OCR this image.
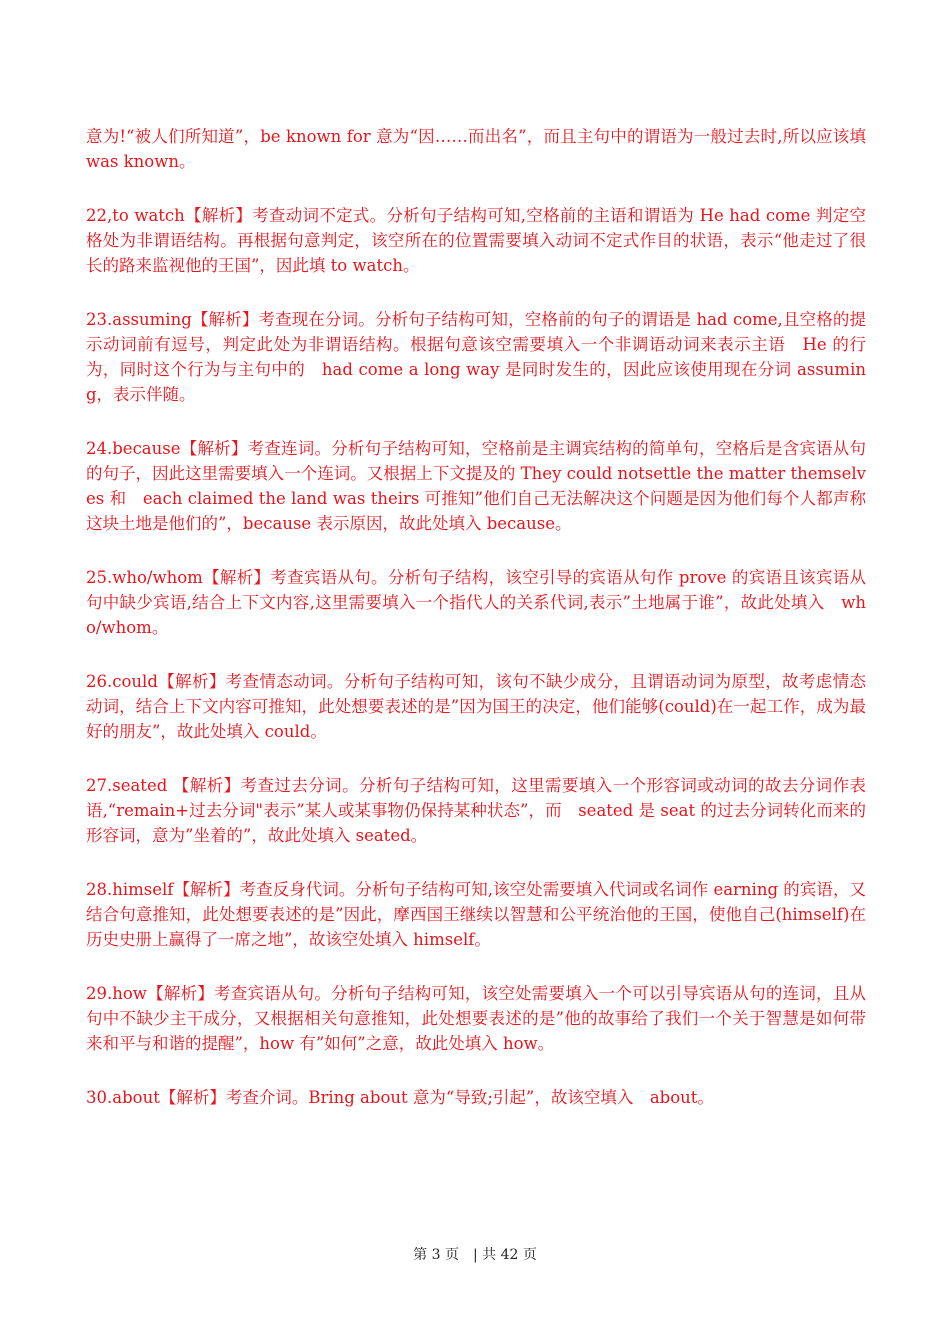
意为!“被人们所知道”，be known for 意为“因……而出名”，而且主句中的谓语为一般过去时,所以应该填　was known。

22,to watch【解析】考查动词不定式。分析句子结构可知,空格前的主语和谓语为 He had come 判定空格处为非谓语结构。再根据句意判定，该空所在的位置需要填入动词不定式作目的状语，表示“他走过了很长的路来监视他的王国”，因此填 to watch。

23.assuming【解析】考查现在分词。分析句子结构可知，空格前的句子的谓语是 had come,且空格的提示动词前有逗号，判定此处为非谓语结构。根据句意该空需要填入一个非调语动词来表示主语　He 的行为，同时这个行为与主句中的　had come a long way 是同时发生的，因此应该使用现在分词 assuming，表示伴随。

24.because【解析】考查连词。分析句子结构可知，空格前是主调宾结构的简单句，空格后是含宾语从句的句子，因此这里需要填入一个连词。又根据上下文提及的 They could notsettle the matter themselves 和　each claimed the land was theirs 可推知”他们自己无法解决这个问题是因为他们每个人都声称这块土地是他们的”，because 表示原因，故此处填入 because。

25.who/whom【解析】考查宾语从句。分析句子结构，该空引导的宾语从句作 prove 的宾语且该宾语从句中缺少宾语,结合上下文内容,这里需要填入一个指代人的关系代词,表示”土地属于谁”，故此处填入　who/whom。

26.could【解析】考查情态动词。分析句子结构可知，该句不缺少成分，且谓语动词为原型，故考虑情态动词，结合上下文内容可推知，此处想要表述的是”因为国王的决定，他们能够(could)在一起工作，成为最好的朋友”，故此处填入 could。

27.seated 【解析】考查过去分词。分析句子结构可知，这里需要填入一个形容词或动词的故去分词作表语,“remain+过去分词"表示”某人或某事物仍保持某种状态”，而　seated 是 seat 的过去分词转化而来的形容词，意为”坐着的”，故此处填入 seated。

28.himself【解析】考查反身代词。分析句子结构可知,该空处需要填入代词或名词作 earning 的宾语，又结合句意推知，此处想要表述的是”因此，摩西国王继续以智慧和公平统治他的王国，使他自己(himself)在历史史册上赢得了一席之地”，故该空处填入 himself。

29.how【解析】考查宾语从句。分析句子结构可知，该空处需要填入一个可以引导宾语从句的连词，且从句中不缺少主干成分，又根据相关句意推知，此处想要表述的是”他的故事给了我们一个关于智慧是如何带来和平与和谐的提醒”，how 有”如何”之意，故此处填入 how。

30.about【解析】考查介词。Bring about 意为“导致;引起”，故该空填入　about。

第 3 页　| 共 42 页
